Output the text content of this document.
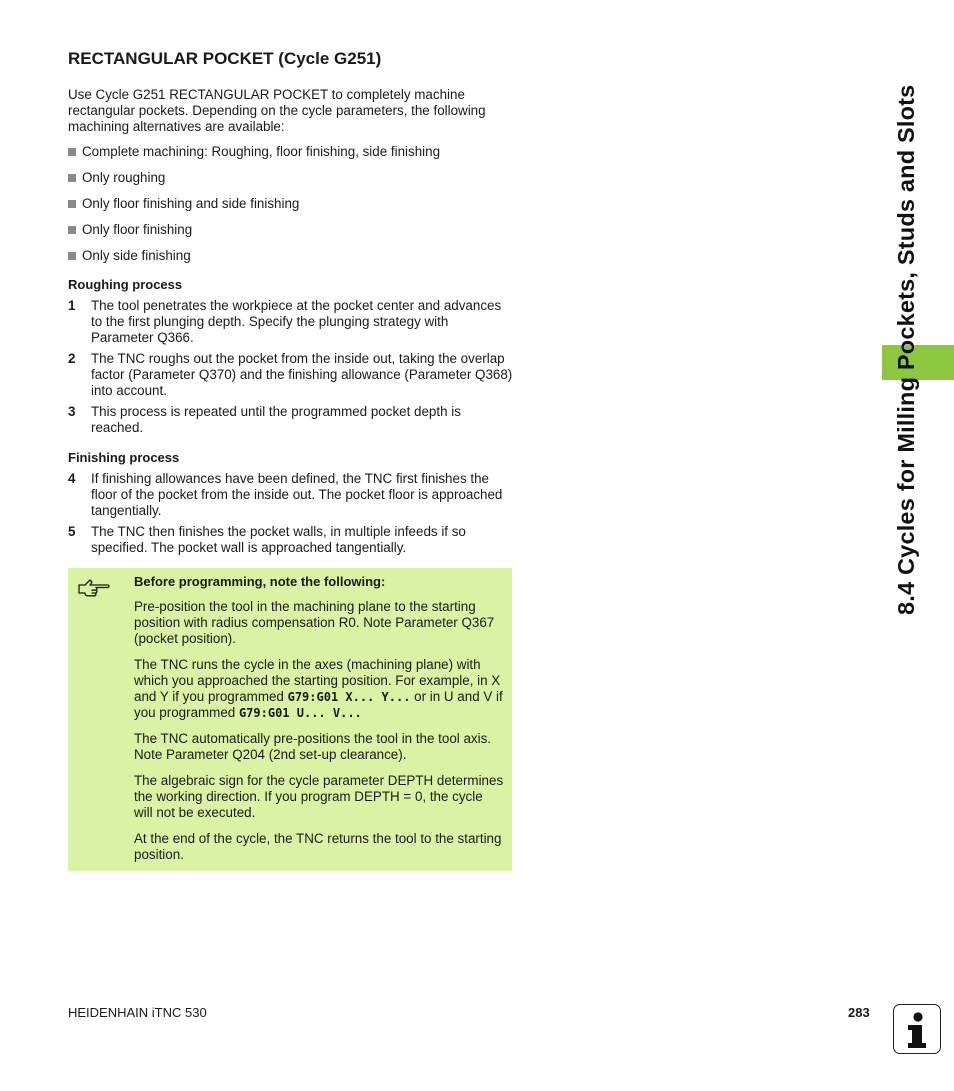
RECTANGULAR POCKET (Cycle G251)

Use Cycle G251 RECTANGULAR POCKET to completely machine rectangular pockets. Depending on the cycle parameters, the following machining alternatives are available:

Complete machining: Roughing, floor finishing, side finishing
Only roughing
Only floor finishing and side finishing
Only floor finishing
Only side finishing
Roughing process
1 The tool penetrates the workpiece at the pocket center and advances to the first plunging depth. Specify the plunging strategy with Parameter Q366.
2 The TNC roughs out the pocket from the inside out, taking the overlap factor (Parameter Q370) and the finishing allowance (Parameter Q368) into account.
3 This process is repeated until the programmed pocket depth is reached.
Finishing process
4 If finishing allowances have been defined, the TNC first finishes the floor of the pocket from the inside out. The pocket floor is approached tangentially.
5 The TNC then finishes the pocket walls, in multiple infeeds if so specified. The pocket wall is approached tangentially.
Before programming, note the following:

Pre-position the tool in the machining plane to the starting position with radius compensation R0. Note Parameter Q367 (pocket position).

The TNC runs the cycle in the axes (machining plane) with which you approached the starting position. For example, in X and Y if you programmed G79:G01 X... Y... or in U and V if you programmed G79:G01 U... V...

The TNC automatically pre-positions the tool in the tool axis. Note Parameter Q204 (2nd set-up clearance).

The algebraic sign for the cycle parameter DEPTH determines the working direction. If you program DEPTH = 0, the cycle will not be executed.

At the end of the cycle, the TNC returns the tool to the starting position.

8.4 Cycles for Milling Pockets, Studs and Slots
HEIDENHAIN iTNC 530	283
